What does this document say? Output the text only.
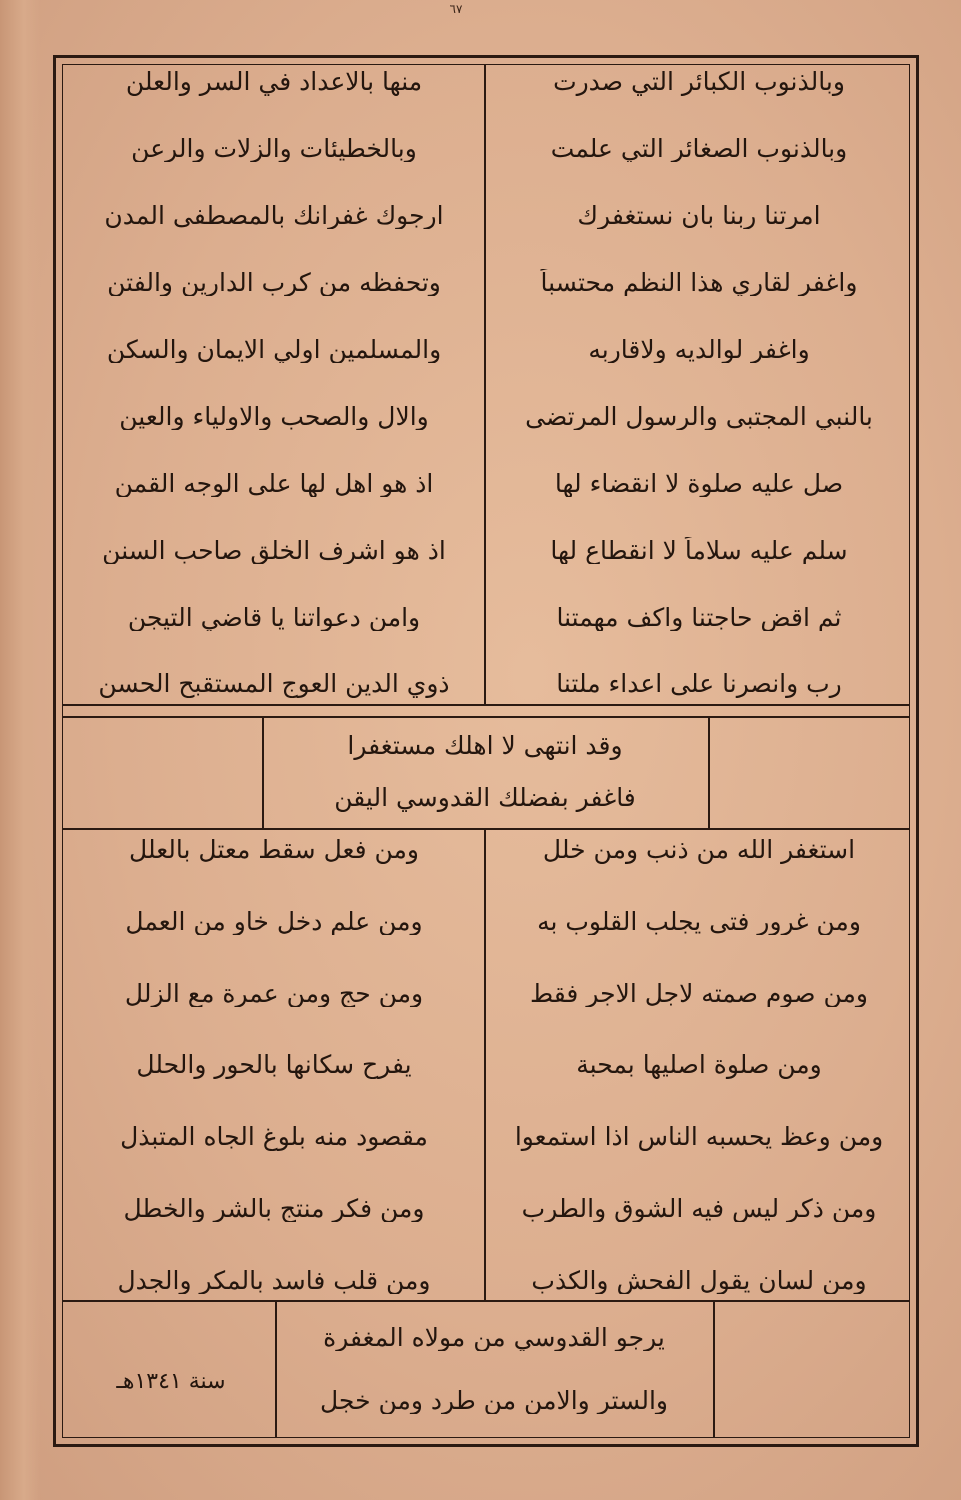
٦٧
وبالذنوب الكبائر التي صدرت
وبالذنوب الصغائر التي علمت
امرتنا ربنا بان نستغفرك
واغفر لقاري هذا النظم محتسباً
واغفر لوالديه ولاقاربه
بالنبي المجتبى والرسول المرتضى
صل عليه صلوة لا انقضاء لها
سلم عليه سلاماً لا انقطاع لها
ثم اقض حاجتنا واكف مهمتنا
رب وانصرنا على اعداء ملتنا
منها بالاعداد في السر والعلن
وبالخطيئات والزلات والرعن
ارجوك غفرانك بالمصطفى المدن
وتحفظه من كرب الدارين والفتن
والمسلمين اولي الايمان والسكن
والال والصحب والاولياء والعين
اذ هو اهل لها على الوجه القمن
اذ هو اشرف الخلق صاحب السنن
وامن دعواتنا يا قاضي التيجن
ذوي الدين العوج المستقبح الحسن
وقد انتهى لا اهلك مستغفرا
فاغفر بفضلك القدوسي اليقن
استغفر الله من ذنب ومن خلل
ومن غرور فتى يجلب القلوب به
ومن صوم صمته لاجل الاجر فقط
ومن صلوة اصليها بمحبة
ومن وعظ يحسبه الناس اذا استمعوا
ومن ذكر ليس فيه الشوق والطرب
ومن لسان يقول الفحش والكذب
ومن فعل سقط معتل بالعلل
ومن علم دخل خاو من العمل
ومن حج ومن عمرة مع الزلل
يفرح سكانها بالحور والحلل
مقصود منه بلوغ الجاه المتبذل
ومن فكر منتج بالشر والخطل
ومن قلب فاسد بالمكر والجدل
يرجو القدوسي من مولاه المغفرة
والستر والامن من طرد ومن خجل
سنة ١٣٤١هـ
